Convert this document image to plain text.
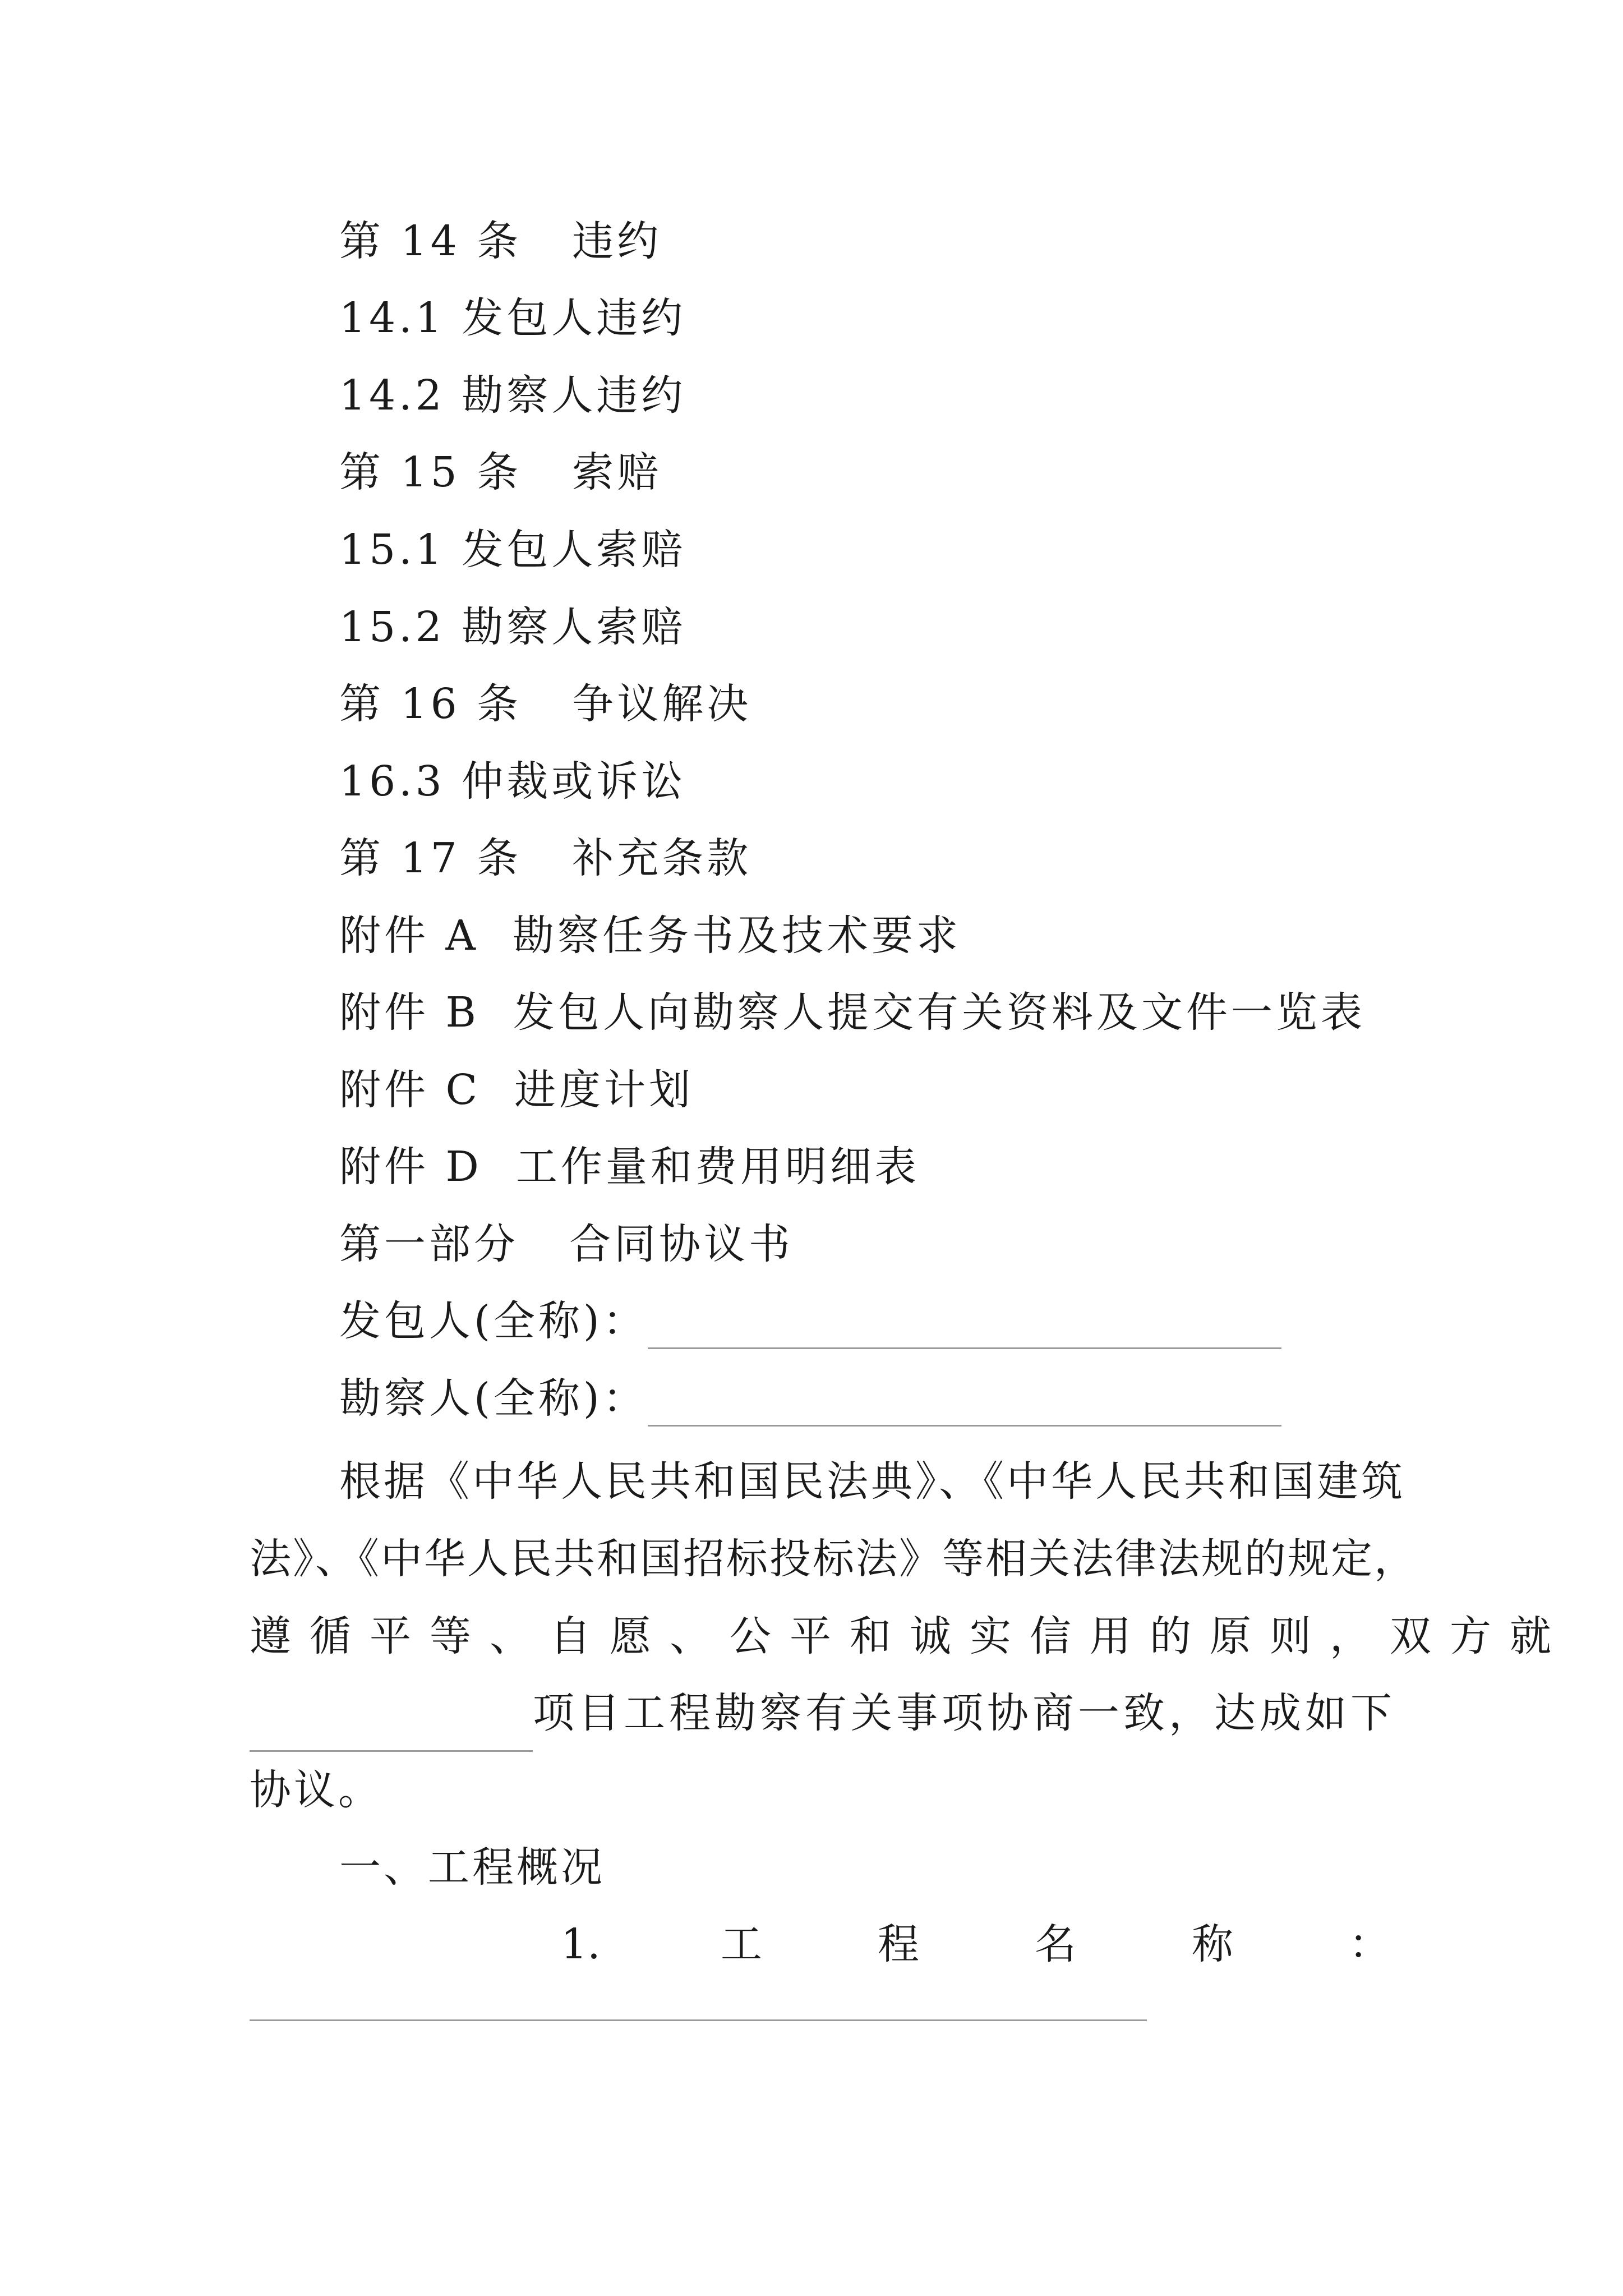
第 14 条 违约
14.1 发包人违约
14.2 勘察人违约
第 15 条 索赔
15.1 发包人索赔
15.2 勘察人索赔
第 16 条 争议解决
16.3 仲裁或诉讼
第 17 条 补充条款
附件 A 勘察任务书及技术要求
附件 B 发包人向勘察人提交有关资料及文件一览表
附件 C 进度计划
附件 D 工作量和费用明细表
第一部分 合同协议书
发包人(全称)：
勘察人(全称)：
根据《中华人民共和国民法典》、《中华人民共和国建筑
法》、《中华人民共和国招标投标法》等相关法律法规的规定，
遵循平等、自愿、公平和诚实信用的原则，双方就
项目工程勘察有关事项协商一致，达成如下
协议。
一、工程概况
1.	工	程	名	称	：
